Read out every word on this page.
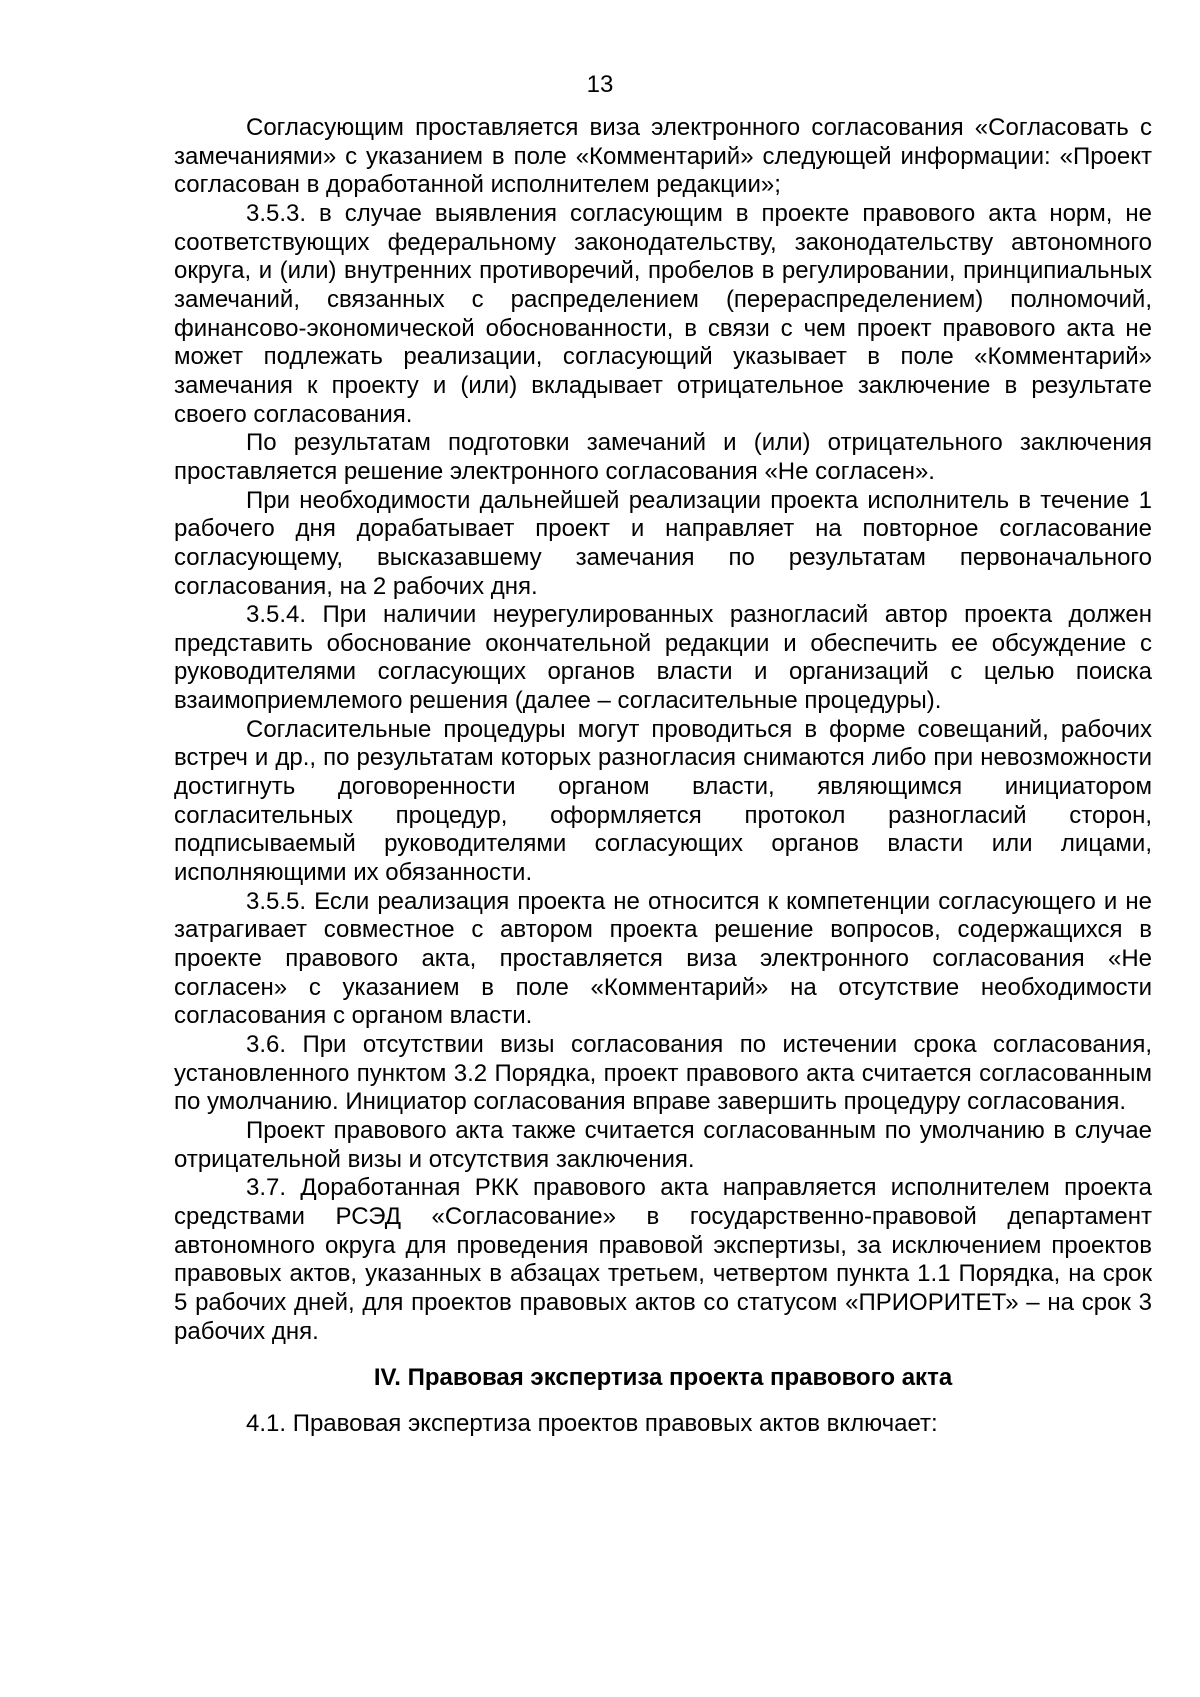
13

Согласующим проставляется виза электронного согласования «Согласовать с замечаниями» с указанием в поле «Комментарий» следующей информации: «Проект согласован в доработанной исполнителем редакции»;

3.5.3. в случае выявления согласующим в проекте правового акта норм, не соответствующих федеральному законодательству, законодательству автономного округа, и (или) внутренних противоречий, пробелов в регулировании, принципиальных замечаний, связанных с распределением (перераспределением) полномочий, финансово-экономической обоснованности, в связи с чем проект правового акта не может подлежать реализации, согласующий указывает в поле «Комментарий» замечания к проекту и (или) вкладывает отрицательное заключение в результате своего согласования.

По результатам подготовки замечаний и (или) отрицательного заключения проставляется решение электронного согласования «Не согласен».

При необходимости дальнейшей реализации проекта исполнитель в течение 1 рабочего дня дорабатывает проект и направляет на повторное согласование согласующему, высказавшему замечания по результатам первоначального согласования, на 2 рабочих дня.

3.5.4. При наличии неурегулированных разногласий автор проекта должен представить обоснование окончательной редакции и обеспечить ее обсуждение с руководителями согласующих органов власти и организаций с целью поиска взаимоприемлемого решения (далее – согласительные процедуры).

Согласительные процедуры могут проводиться в форме совещаний, рабочих встреч и др., по результатам которых разногласия снимаются либо при невозможности достигнуть договоренности органом власти, являющимся инициатором согласительных процедур, оформляется протокол разногласий сторон, подписываемый руководителями согласующих органов власти или лицами, исполняющими их обязанности.

3.5.5. Если реализация проекта не относится к компетенции согласующего и не затрагивает совместное с автором проекта решение вопросов, содержащихся в проекте правового акта, проставляется виза электронного согласования «Не согласен» с указанием в поле «Комментарий» на отсутствие необходимости согласования с органом власти.

3.6. При отсутствии визы согласования по истечении срока согласования, установленного пунктом 3.2 Порядка, проект правового акта считается согласованным по умолчанию. Инициатор согласования вправе завершить процедуру согласования.

Проект правового акта также считается согласованным по умолчанию в случае отрицательной визы и отсутствия заключения.

3.7. Доработанная РКК правового акта направляется исполнителем проекта средствами РСЭД «Согласование» в государственно-правовой департамент автономного округа для проведения правовой экспертизы, за исключением проектов правовых актов, указанных в абзацах третьем, четвертом пункта 1.1 Порядка, на срок 5 рабочих дней, для проектов правовых актов со статусом «ПРИОРИТЕТ» – на срок 3 рабочих дня.

IV. Правовая экспертиза проекта правового акта

4.1. Правовая экспертиза проектов правовых актов включает:
